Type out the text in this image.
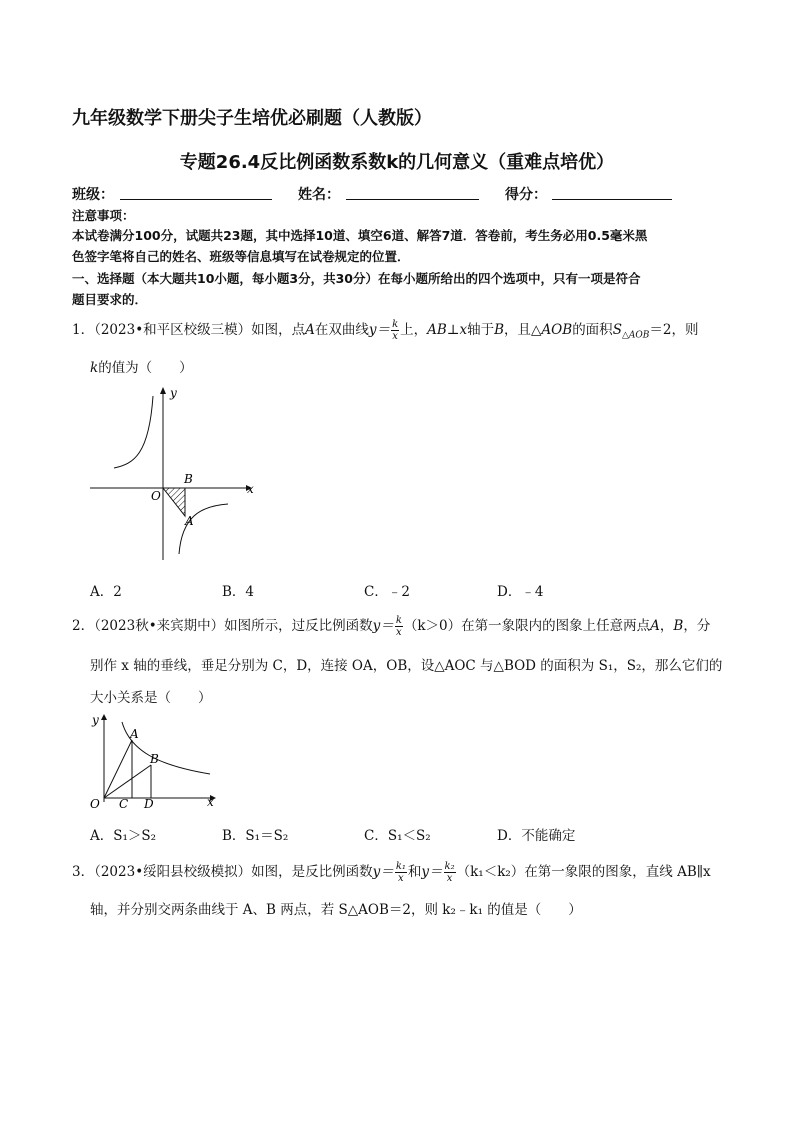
九年级数学下册尖子生培优必刷题（人教版）
专题26.4反比例函数系数k的几何意义（重难点培优）
班级：	姓名：	得分：
注意事项：
本试卷满分100分，试题共23题，其中选择10道、填空6道、解答7道．答卷前，考生务必用0.5毫米黑
色签字笔将自己的姓名、班级等信息填写在试卷规定的位置．
一、选择题（本大题共10小题，每小题3分，共30分）在每小题所给出的四个选项中，只有一项是符合
题目要求的．
1．（2023•和平区校级三模）如图，点A在双曲线$y= \frac{k}{x}$ 上，AB⊥x轴于B，且△AOB的面积$S_{\triangle AOB}=2$，则
k的值为（　　）
O
B
A
x
y
A．2	B．4	C．﹣2	D．﹣4
2．（2023秋•来宾期中）如图所示，过反比例函数$y= \frac{k}{x} (k>0)$在第一象限内的图象上任意两点A，B，分
别作 x 轴的垂线，垂足分别为 C，D，连接 OA，OB，设△AOC 与△BOD 的面积为 S₁，S₂，那么它们的
大小关系是（　　）
O C D
A
B
x
y
A．S₁＞S₂	B．S₁＝S₂	C．S₁＜S₂	D．不能确定
3．（2023•绥阳县校级模拟）如图，是反比例函数$y= \frac{\text{k₁}}{x}$ 和$y= \frac{\text{k₂}}{x} (k_1<k_2)$在第一象限的图象，直线 AB∥x
轴，并分别交两条曲线于 A、B 两点，若 S△AOB＝2，则 k₂﹣k₁ 的值是（　　）
